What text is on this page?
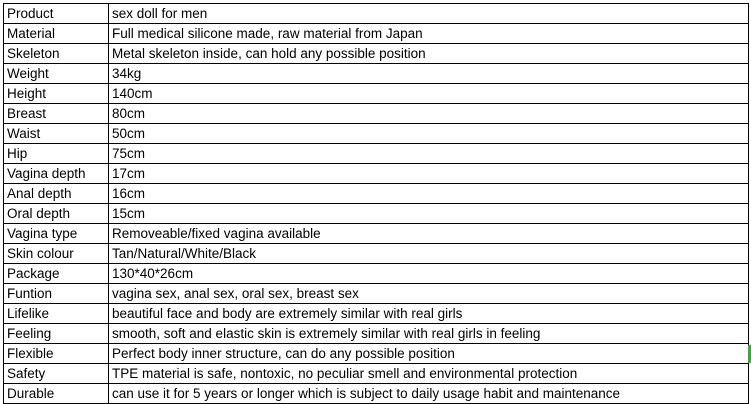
Product	sex doll for men
Material	Full medical silicone made, raw material from Japan
Skeleton	Metal skeleton inside, can hold any possible position
Weight	34kg
Height	140cm
Breast	80cm
Waist	50cm
Hip	75cm
Vagina depth	17cm
Anal depth	16cm
Oral depth	15cm
Vagina type	Removeable/fixed vagina available
Skin colour	Tan/Natural/White/Black
Package	130*40*26cm
Funtion	vagina sex, anal sex, oral sex, breast sex
Lifelike	beautiful face and body are extremely similar with real girls
Feeling	smooth, soft and elastic skin is extremely similar with real girls in feeling
Flexible	Perfect body inner structure, can do any possible position
Safety	TPE material is safe, nontoxic, no peculiar smell and environmental protection
Durable	can use it for 5 years or longer which is subject to daily usage habit and maintenance
